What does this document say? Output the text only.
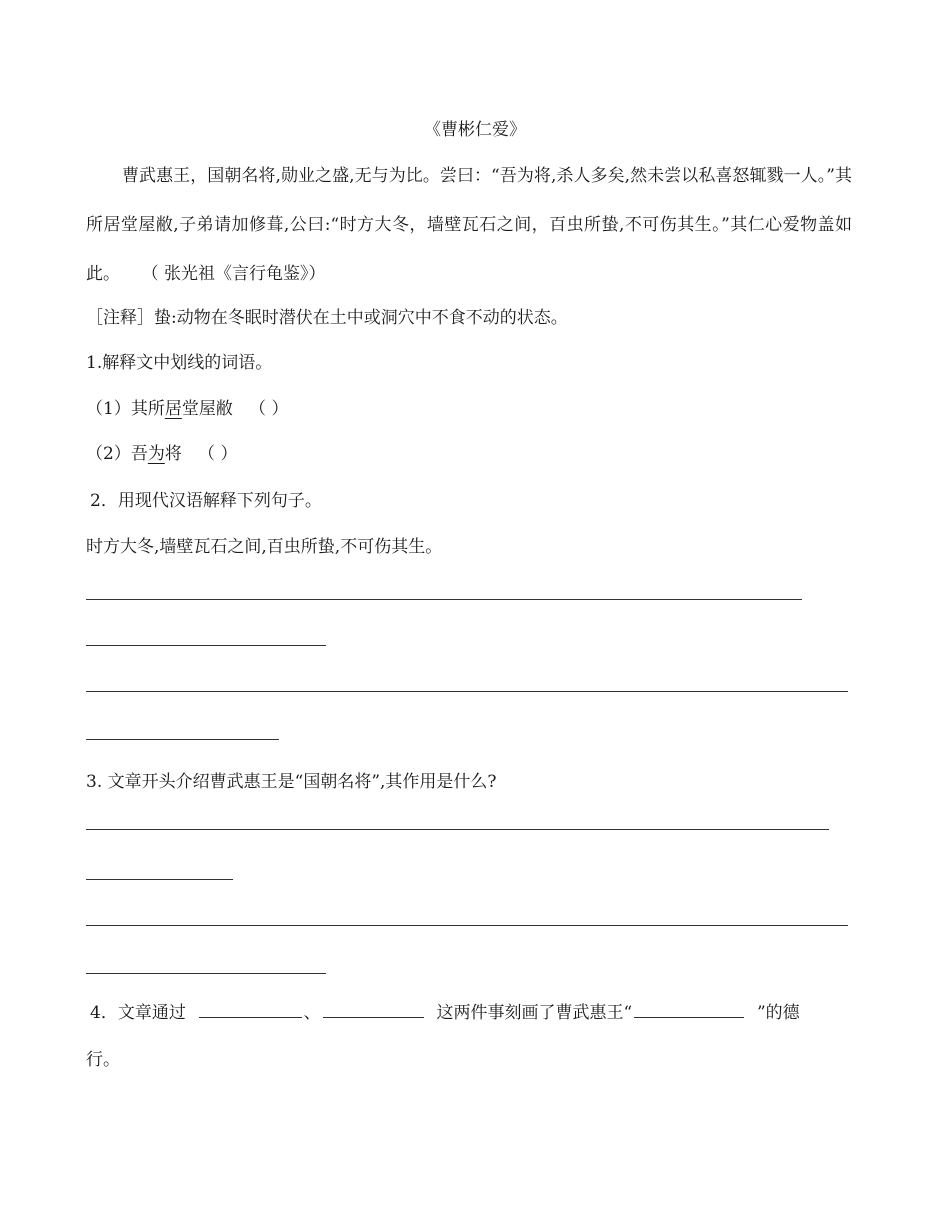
《曹彬仁爱》

曹武惠王，国朝名将,勋业之盛,无与为比。尝曰：“吾为将,杀人多矣,然未尝以私喜怒辄戮一人。”其所居堂屋敝,子弟请加修葺,公曰:“时方大冬，墙壁瓦石之间，百虫所蛰,不可伤其生。”其仁心爱物盖如此。 （ 张光祖《言行龟鉴》）

［注释］蛰:动物在冬眠时潜伏在土中或洞穴中不食不动的状态。
1.解释文中划线的词语。
（1）其所居堂屋敝 （ ）
（2）吾为将 （ ）
2．用现代汉语解释下列句子。
时方大冬,墙壁瓦石之间,百虫所蛰,不可伤其生。
3. 文章开头介绍曹武惠王是“国朝名将”,其作用是什么?
4．文章通过	、	这两件事刻画了曹武惠王“	”的德
行。
